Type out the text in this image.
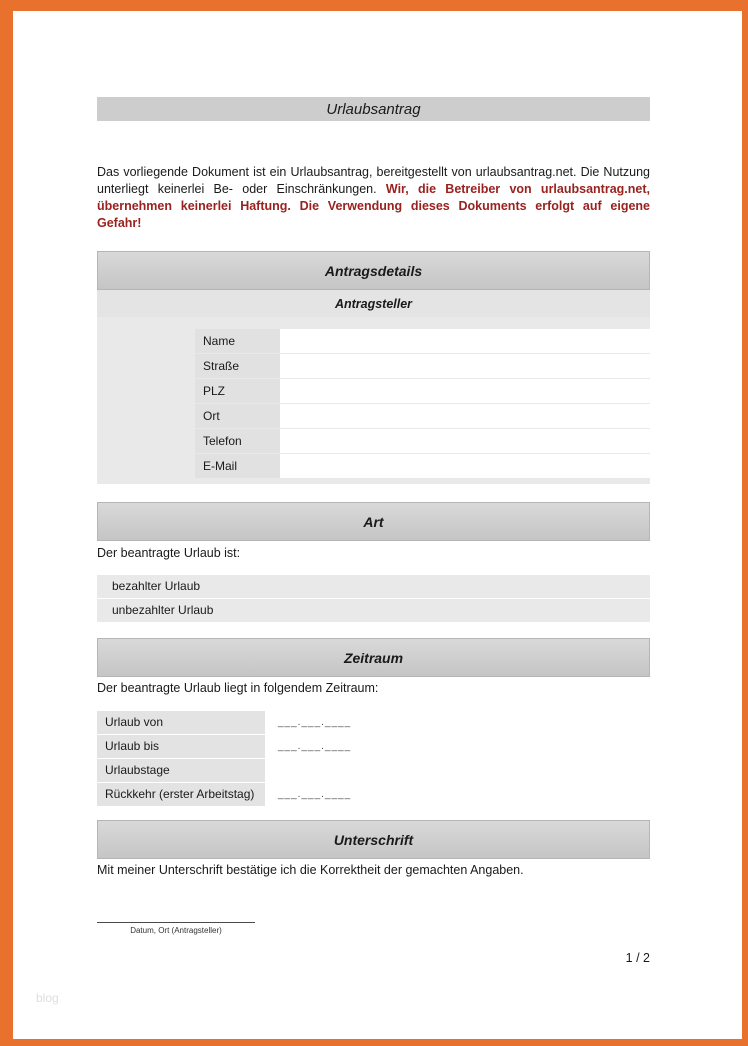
blog
Urlaubsantrag

Das vorliegende Dokument ist ein Urlaubsantrag, bereitgestellt von urlaubsantrag.net. Die Nutzung unterliegt keinerlei Be- oder Einschränkungen. Wir, die Betreiber von urlaubsantrag.net, übernehmen keinerlei Haftung. Die Verwendung dieses Dokuments erfolgt auf eigene Gefahr!

Antragsdetails
Antragsteller
Name
Straße
PLZ
Ort
Telefon
E-Mail
Art

Der beantragte Urlaub ist:

bezahlter Urlaub
unbezahlter Urlaub
Zeitraum

Der beantragte Urlaub liegt in folgendem Zeitraum:

Urlaub von	___.___.____
Urlaub bis	___.___.____
Urlaubstage
Rückkehr (erster Arbeitstag)	___.___.____
Unterschrift

Mit meiner Unterschrift bestätige ich die Korrektheit der gemachten Angaben.

Datum, Ort (Antragsteller)
1 / 2
